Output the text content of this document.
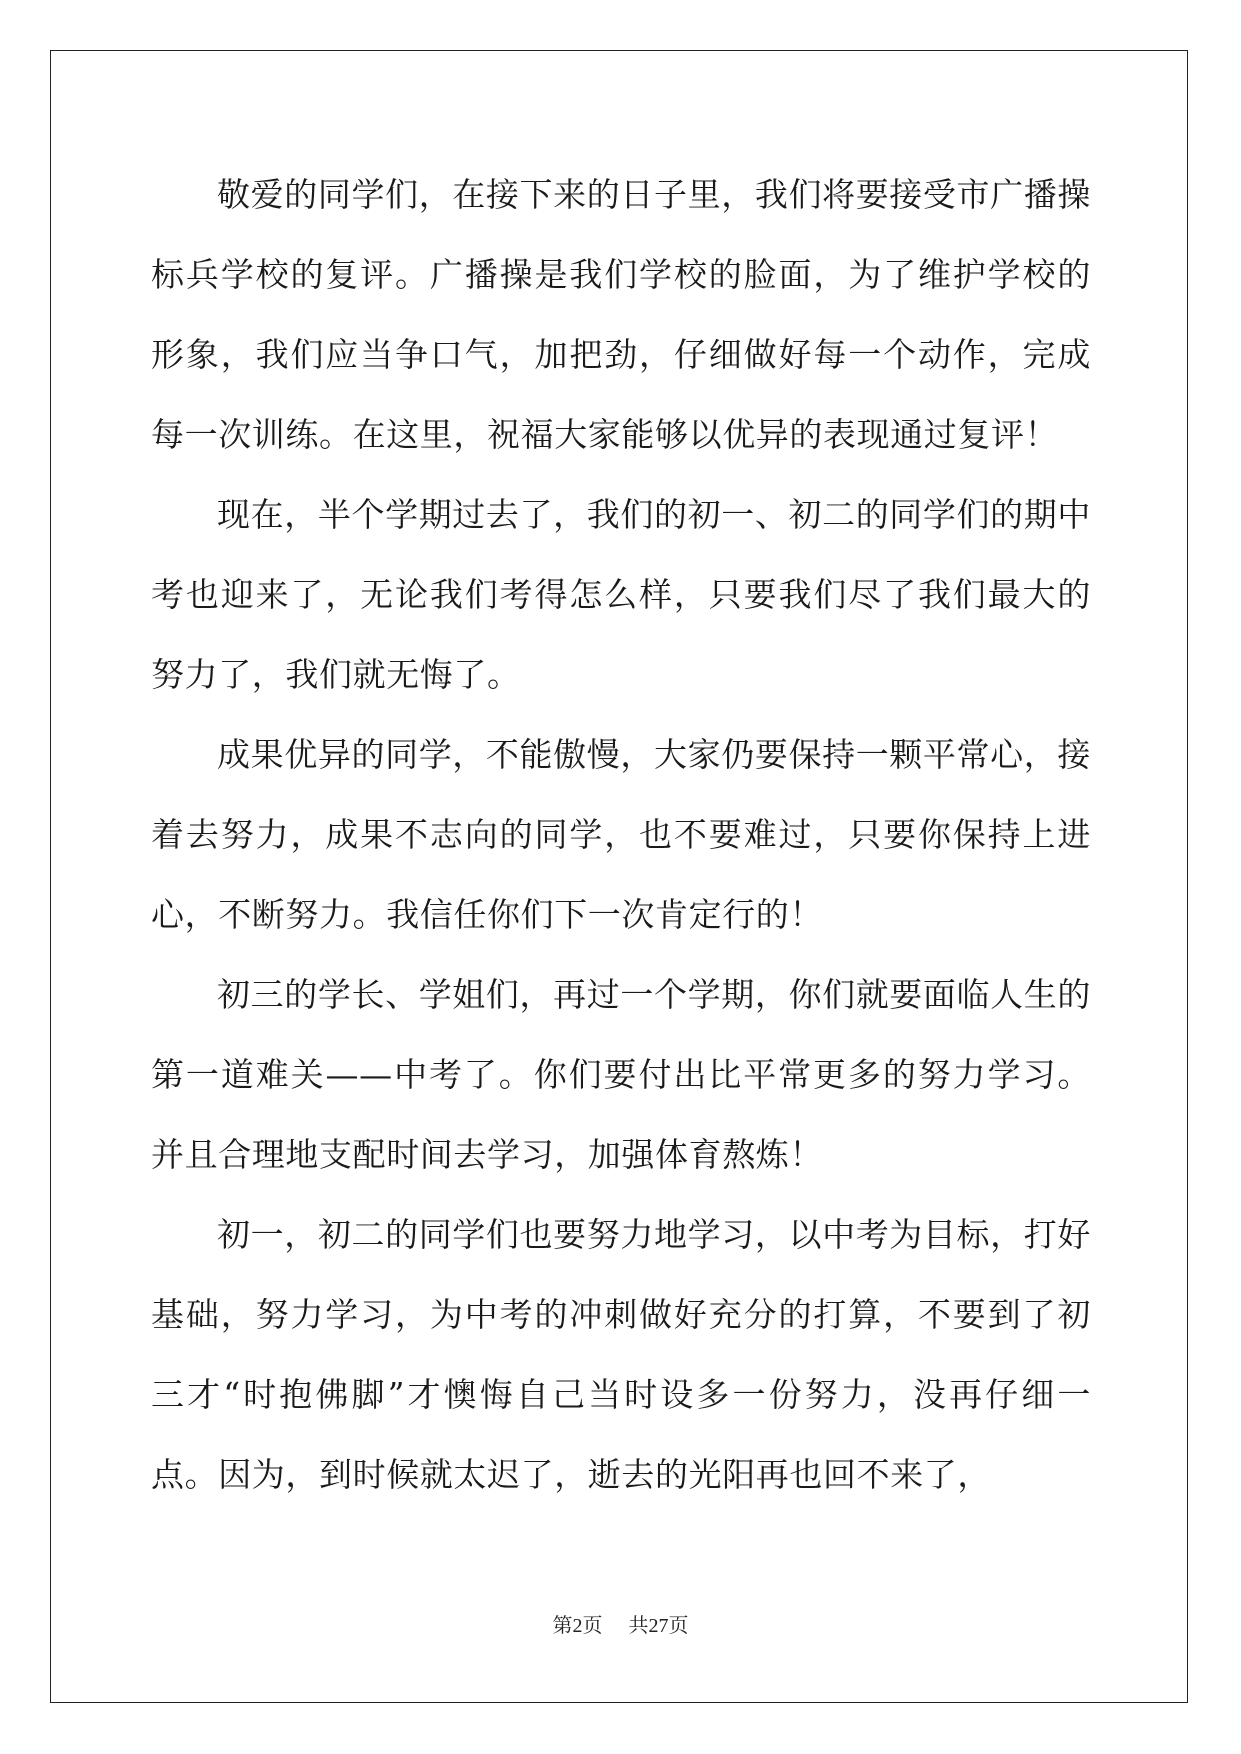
敬爱的同学们，在接下来的日子里，我们将要接受市广播操标兵学校的复评。广播操是我们学校的脸面，为了维护学校的形象，我们应当争口气，加把劲，仔细做好每一个动作，完成每一次训练。在这里，祝福大家能够以优异的表现通过复评！

现在，半个学期过去了，我们的初一、初二的同学们的期中考也迎来了，无论我们考得怎么样，只要我们尽了我们最大的努力了，我们就无悔了。

成果优异的同学，不能傲慢，大家仍要保持一颗平常心，接着去努力，成果不志向的同学，也不要难过，只要你保持上进心，不断努力。我信任你们下一次肯定行的！

初三的学长、学姐们，再过一个学期，你们就要面临人生的第一道难关——中考了。你们要付出比平常更多的努力学习。并且合理地支配时间去学习，加强体育熬炼！

初一，初二的同学们也要努力地学习，以中考为目标，打好基础，努力学习，为中考的冲刺做好充分的打算，不要到了初三才“时抱佛脚”才懊悔自己当时设多一份努力，没再仔细一点。因为，到时候就太迟了，逝去的光阳再也回不来了，

第2页 共27页
